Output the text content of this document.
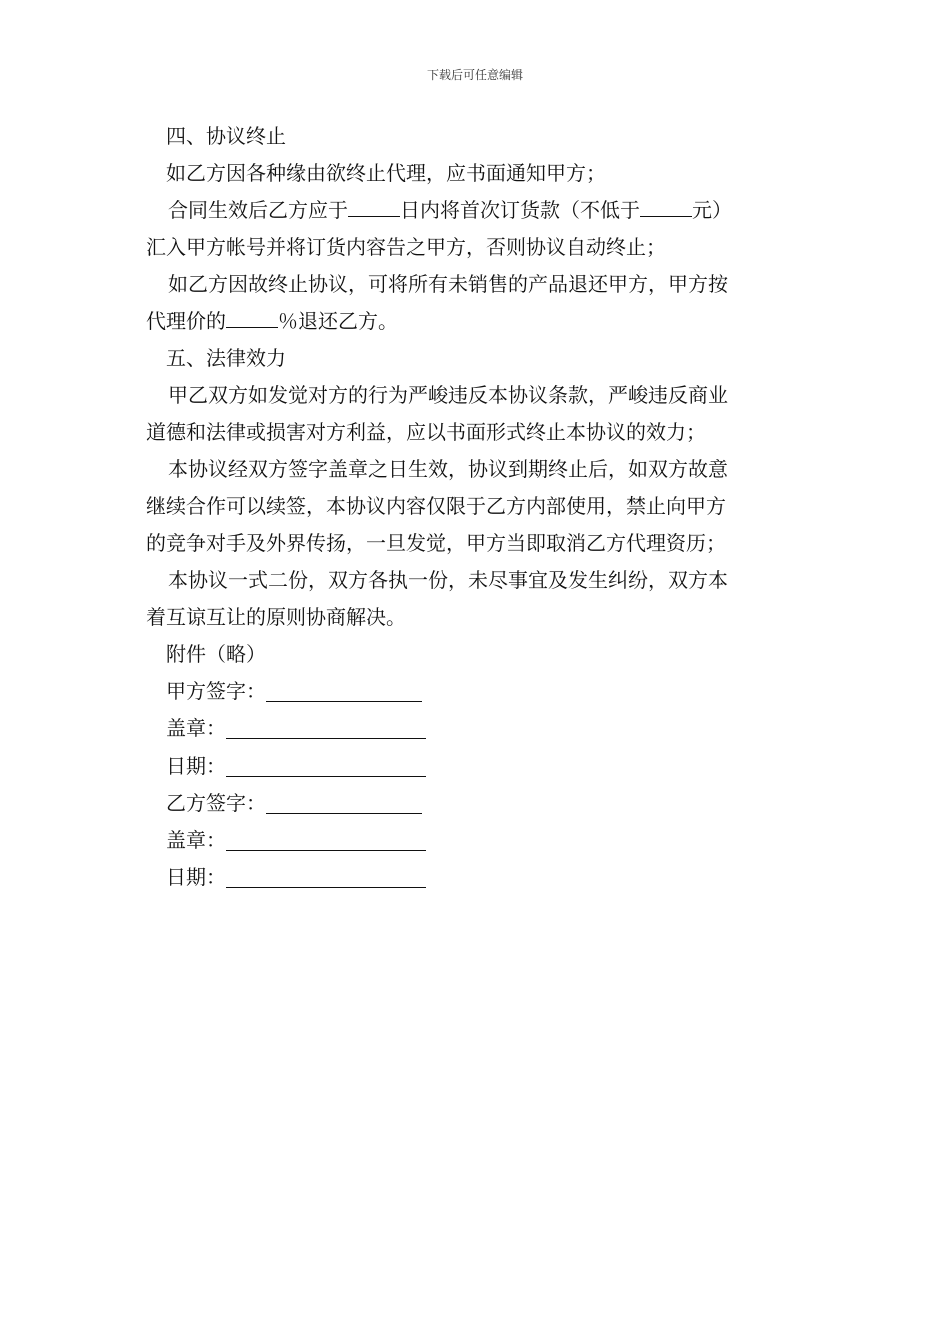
下载后可任意编辑
四、协议终止
如乙方因各种缘由欲终止代理，应书面通知甲方；
合同生效后乙方应于	日内将首次订货款（不低于	元）
汇入甲方帐号并将订货内容告之甲方，否则协议自动终止；
如乙方因故终止协议，可将所有未销售的产品退还甲方，甲方按
代理价的	％退还乙方。
五、法律效力
甲乙双方如发觉对方的行为严峻违反本协议条款，严峻违反商业
道德和法律或损害对方利益，应以书面形式终止本协议的效力；
本协议经双方签字盖章之日生效，协议到期终止后，如双方故意
继续合作可以续签，本协议内容仅限于乙方内部使用，禁止向甲方
的竞争对手及外界传扬，一旦发觉，甲方当即取消乙方代理资历；
本协议一式二份，双方各执一份，未尽事宜及发生纠纷，双方本
着互谅互让的原则协商解决。
附件（略）
甲方签字：
盖章：
日期：
乙方签字：
盖章：
日期：
